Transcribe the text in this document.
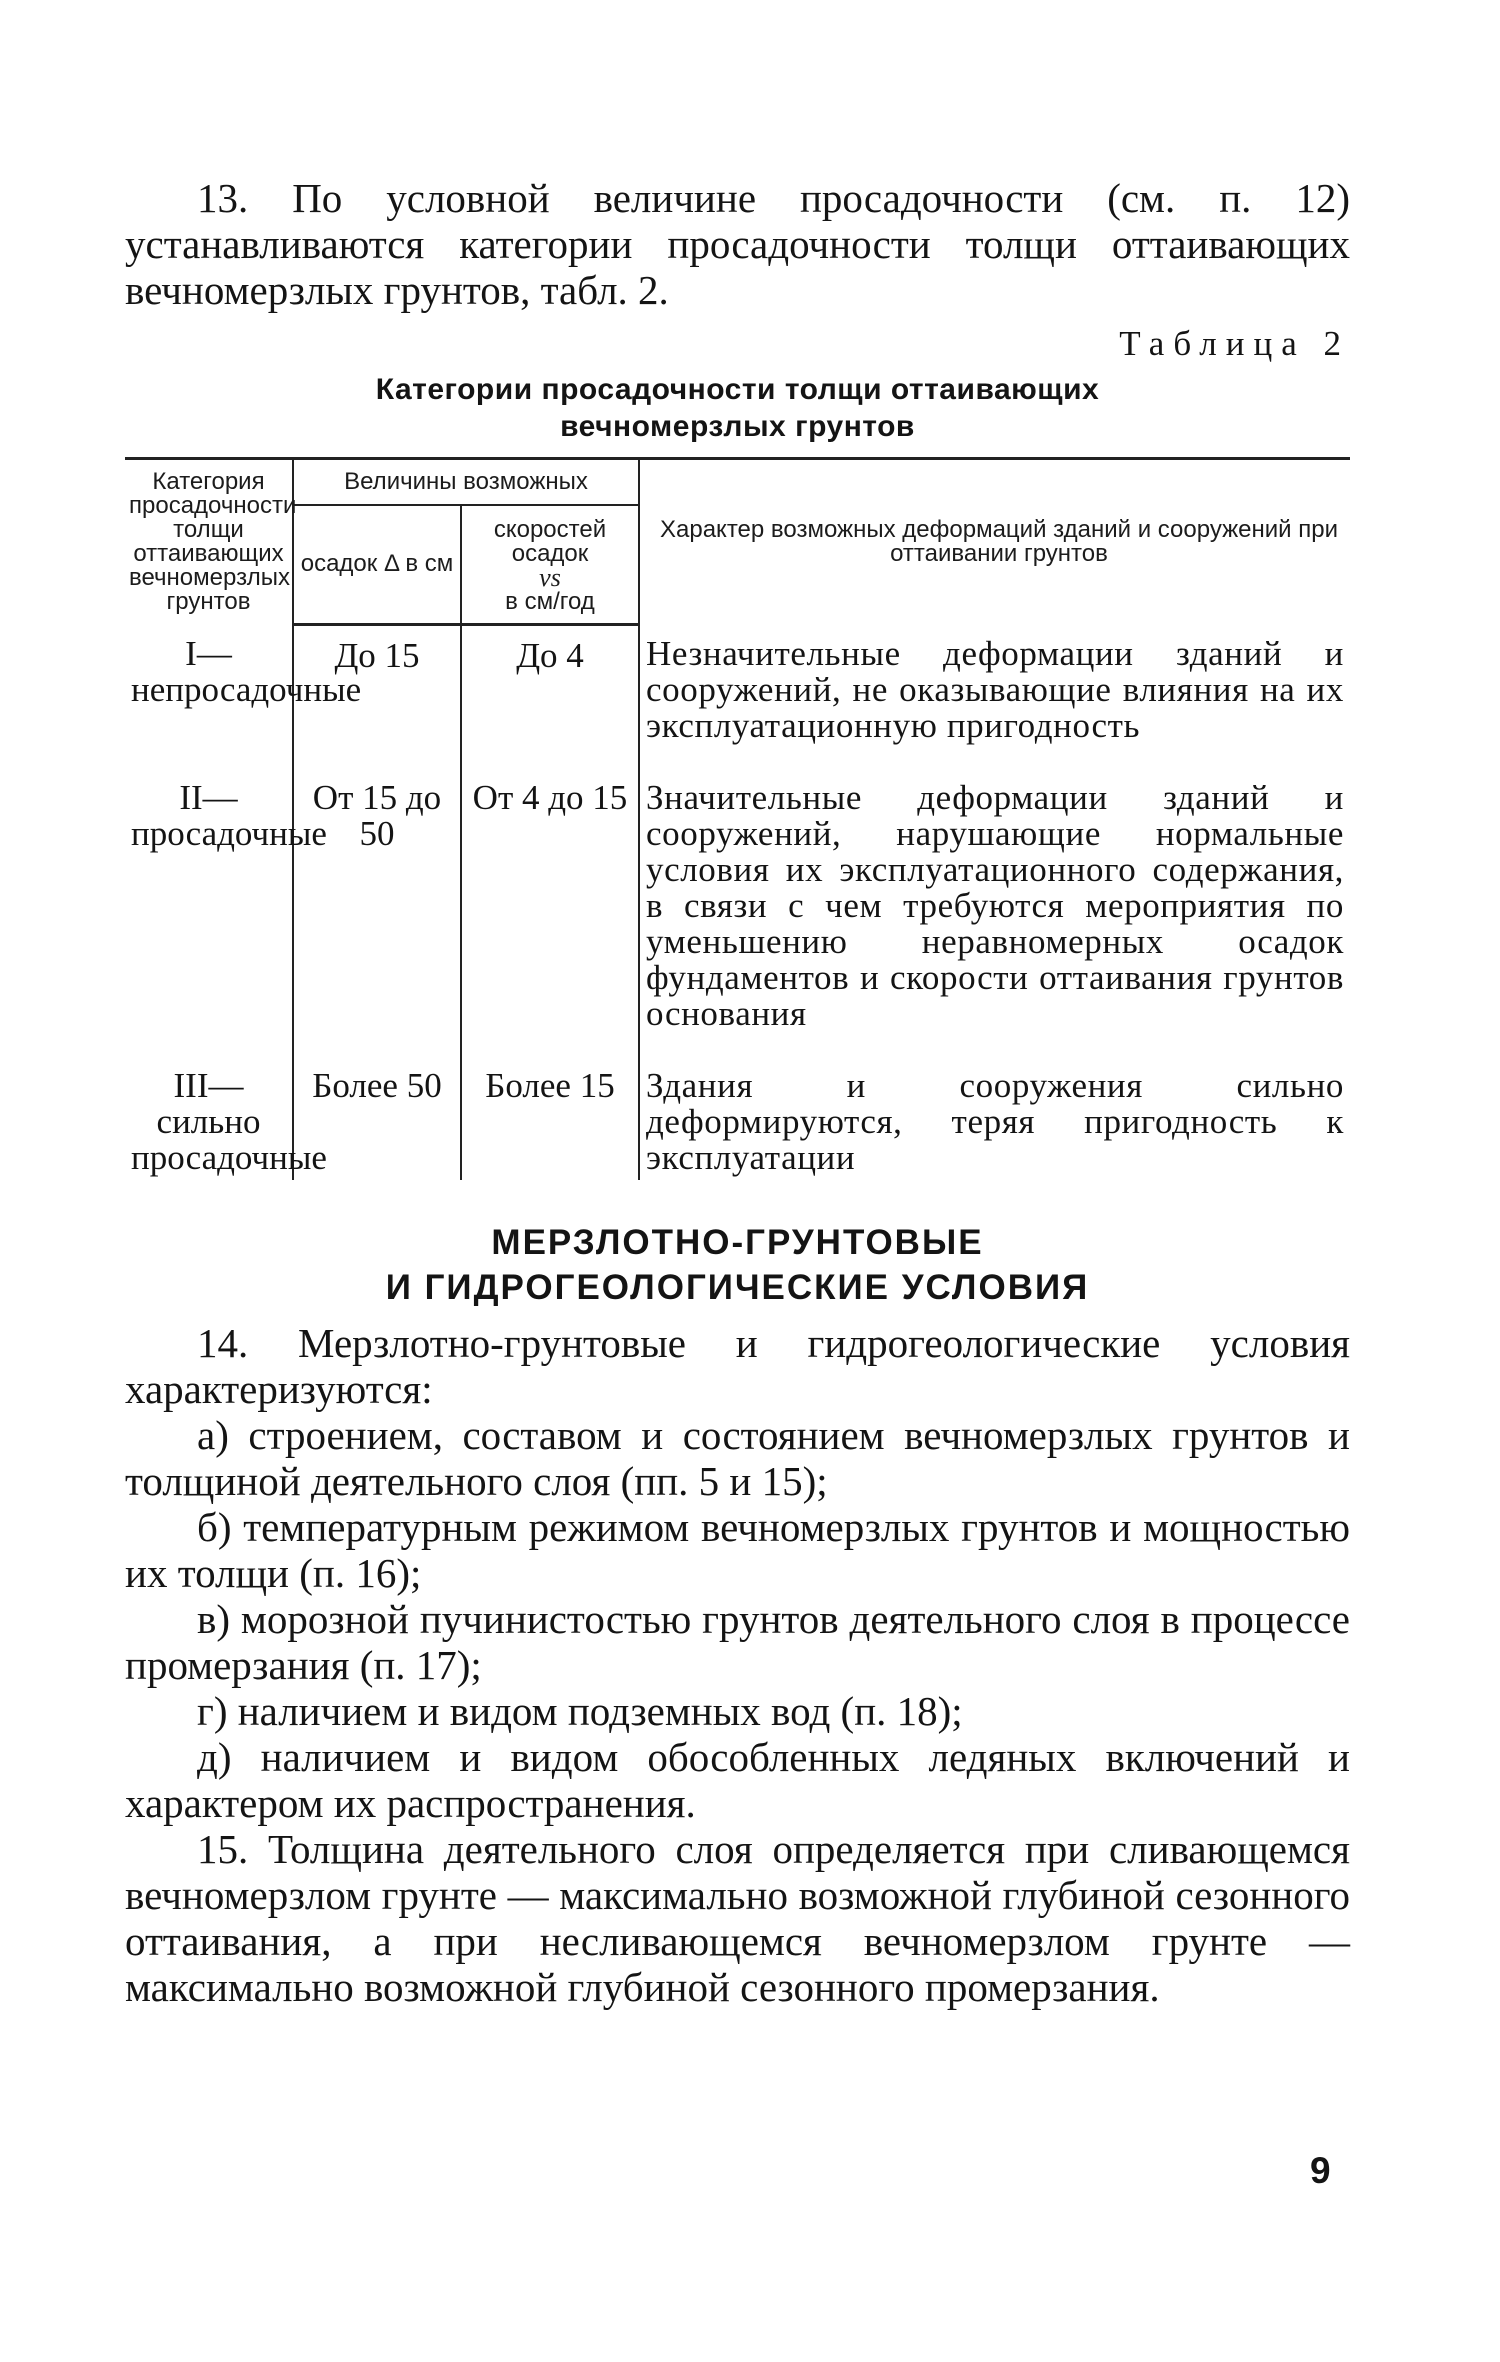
13. По условной величине просадочности (см. п. 12) устанавливаются категории просадочности толщи оттаивающих вечномерзлых грунтов, табл. 2.

Таблица 2
Категории просадочности толщи оттаивающих
вечномерзлых грунтов
Категория просадочности толщи оттаивающих вечномерзлых грунтов	Величины возможных		Характер возможных деформаций зданий и сооружений при оттаивании грунтов
	осадок Δ в см	скоростей осадок
vs
в см/год	

I—непросадочные	До 15	До 4	Незначительные деформации зданий и сооружений, не оказывающие влияния на их эксплуатационную пригодность
II—просадочные	От 15 до 50	От 4 до 15	Значительные деформации зданий и сооружений, нарушающие нормальные условия их эксплуатационного содержания, в связи с чем требуются мероприятия по уменьшению неравномерных осадок фундаментов и скорости оттаивания грунтов основания
III—сильно просадочные	Более 50	Более 15	Здания и сооружения сильно деформируются, теряя пригодность к эксплуатации
МЕРЗЛОТНО-ГРУНТОВЫЕ
И ГИДРОГЕОЛОГИЧЕСКИЕ УСЛОВИЯ

14. Мерзлотно-грунтовые и гидрогеологические условия характеризуются:

а) строением, составом и состоянием вечномерзлых грунтов и толщиной деятельного слоя (пп. 5 и 15);

б) температурным режимом вечномерзлых грунтов и мощностью их толщи (п. 16);

в) морозной пучинистостью грунтов деятельного слоя в процессе промерзания (п. 17);

г) наличием и видом подземных вод (п. 18);

д) наличием и видом обособленных ледяных включений и характером их распространения.

15. Толщина деятельного слоя определяется при сливающемся вечномерзлом грунте — максимально возможной глубиной сезонного оттаивания, а при несливающемся вечномерзлом грунте — максимально возможной глубиной сезонного промерзания.

9
